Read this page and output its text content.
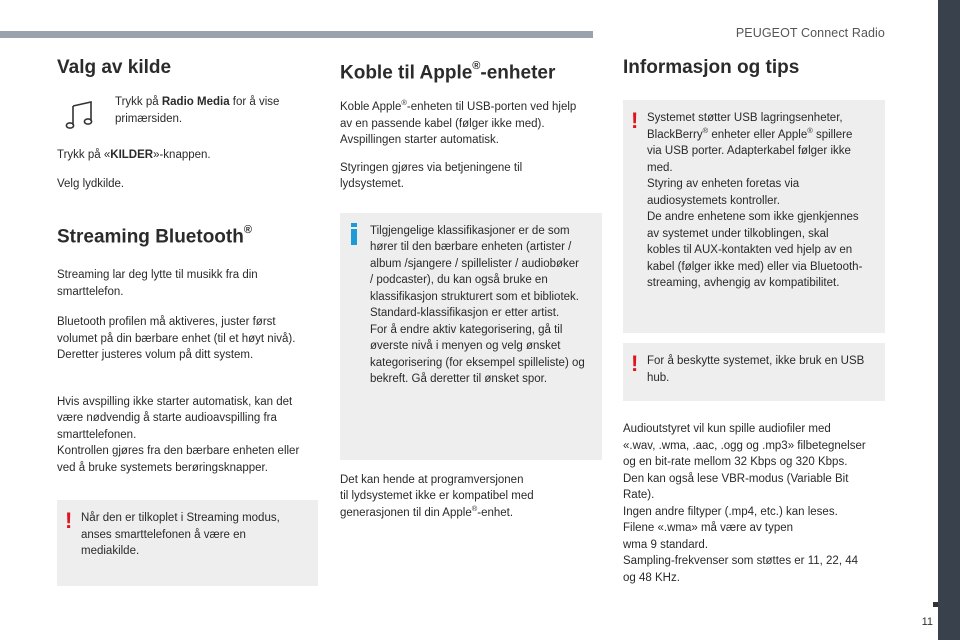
PEUGEOT Connect Radio
11
Valg av kilde

Trykk på Radio Media for å vise
primærsiden.

Trykk på «KILDER»-knappen.

Velg lydkilde.

Streaming Bluetooth®

Streaming lar deg lytte til musikk fra din
smarttelefon.

Bluetooth profilen må aktiveres, juster først
volumet på din bærbare enhet (til et høyt nivå).
Deretter justeres volum på ditt system.

Hvis avspilling ikke starter automatisk, kan det
være nødvendig å starte audioavspilling fra
smarttelefonen.
Kontrollen gjøres fra den bærbare enheten eller
ved å bruke systemets berøringsknapper.

! Når den er tilkoplet i Streaming modus,
anses smarttelefonen å være en
mediakilde.

Koble til Apple®-enheter

Koble Apple®-enheten til USB-porten ved hjelp
av en passende kabel (følger ikke med).
Avspillingen starter automatisk.

Styringen gjøres via betjeningene til
lydsystemet.

Tilgjengelige klassifikasjoner er de som
hører til den bærbare enheten (artister /
album /sjangere / spillelister / audiobøker
/ podcaster), du kan også bruke en
klassifikasjon strukturert som et bibliotek.
Standard-klassifikasjon er etter artist.
For å endre aktiv kategorisering, gå til
øverste nivå i menyen og velg ønsket
kategorisering (for eksempel spilleliste) og
bekreft. Gå deretter til ønsket spor.

Det kan hende at programversjonen
til lydsystemet ikke er kompatibel med
generasjonen til din Apple®-enhet.

Informasjon og tips
! Systemet støtter USB lagringsenheter,
BlackBerry® enheter eller Apple® spillere
via USB porter. Adapterkabel følger ikke
med.
Styring av enheten foretas via
audiosystemets kontroller.
De andre enhetene som ikke gjenkjennes
av systemet under tilkoblingen, skal
kobles til AUX-kontakten ved hjelp av en
kabel (følger ikke med) eller via Bluetooth-
streaming, avhengig av kompatibilitet.

! For å beskytte systemet, ikke bruk en USB
hub.

Audioutstyret vil kun spille audiofiler med
«.wav, .wma, .aac, .ogg og .mp3» filbetegnelser
og en bit-rate mellom 32 Kbps og 320 Kbps.
Den kan også lese VBR-modus (Variable Bit
Rate).
Ingen andre filtyper (.mp4, etc.) kan leses.
Filene «.wma» må være av typen
wma 9 standard.
Sampling-frekvenser som støttes er 11, 22, 44
og 48 KHz.
